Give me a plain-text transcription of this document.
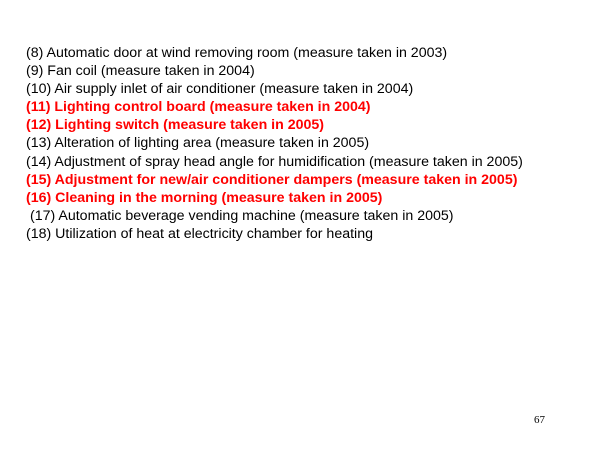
(8) Automatic door at wind removing room (measure taken in 2003)
(9) Fan coil (measure taken in 2004)
(10) Air supply inlet of air conditioner (measure taken in 2004)
(11) Lighting control board (measure taken in 2004)
(12) Lighting switch (measure taken in 2005)
(13) Alteration of lighting area (measure taken in 2005)
(14) Adjustment of spray head angle for humidification (measure taken in 2005)
(15) Adjustment for new/air conditioner dampers (measure taken in 2005)
(16) Cleaning in the morning (measure taken in 2005)
(17) Automatic beverage vending machine (measure taken in 2005)
(18) Utilization of heat at electricity chamber for heating
67
